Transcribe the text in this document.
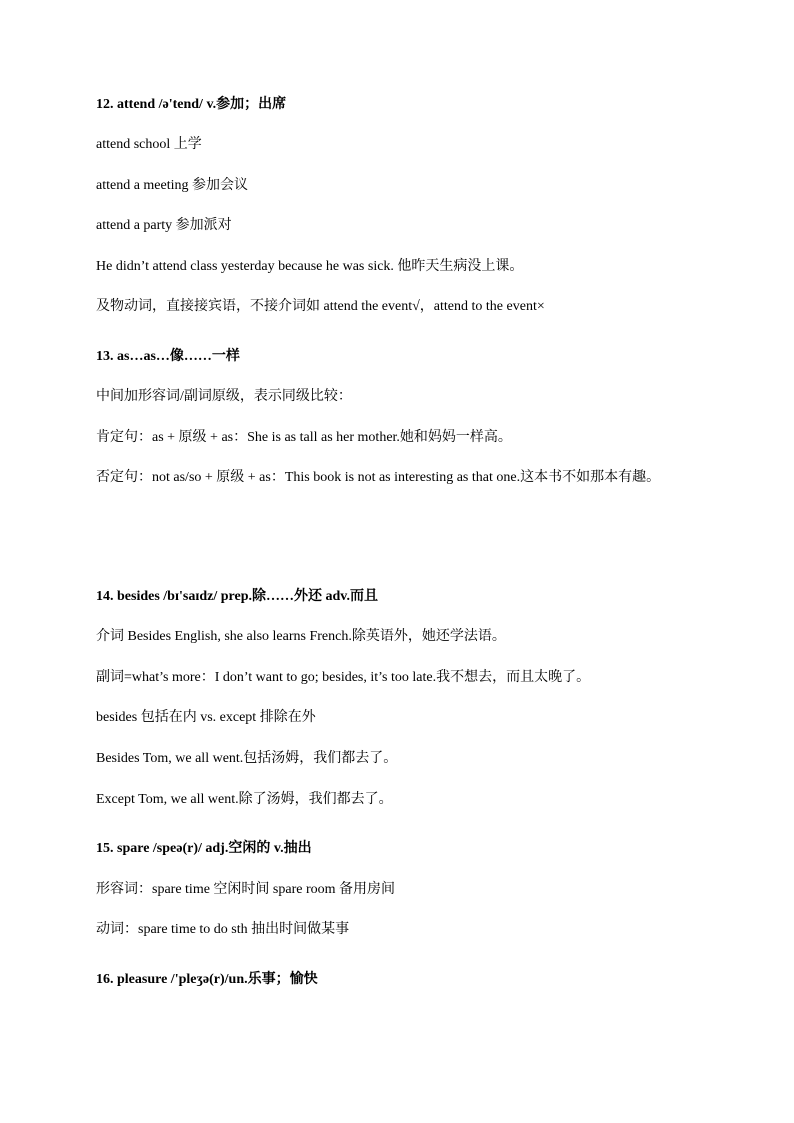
12. attend /ə'tend/ v.参加；出席
attend school 上学
attend a meeting 参加会议
attend a party 参加派对
He didn’t attend class yesterday because he was sick. 他昨天生病没上课。
及物动词，直接接宾语，不接介词如 attend the event√，attend to the event×
13. as…as…像……一样
中间加形容词/副词原级，表示同级比较：
肯定句：as + 原级 + as：She is as tall as her mother.她和妈妈一样高。
否定句：not as/so + 原级 + as：This book is not as interesting as that one.这本书不如那本有趣。
14. besides /bɪ'saɪdz/ prep.除……外还 adv.而且
介词 Besides English, she also learns French.除英语外，她还学法语。
副词=what’s more：I don’t want to go; besides, it’s too late.我不想去，而且太晚了。
besides 包括在内 vs. except 排除在外
Besides Tom, we all went.包括汤姆，我们都去了。
Except Tom, we all went.除了汤姆，我们都去了。
15. spare /speə(r)/ adj.空闲的 v.抽出
形容词：spare time 空闲时间 spare room 备用房间
动词：spare time to do sth 抽出时间做某事
16. pleasure /'pleʒə(r)/un.乐事；愉快
